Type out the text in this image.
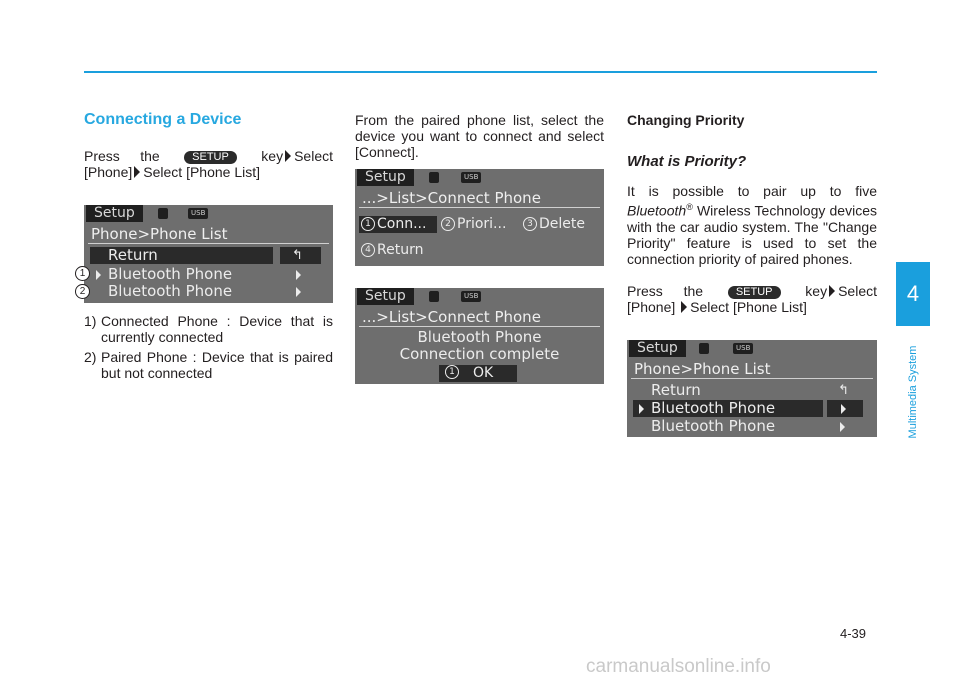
4
Multimedia System
Connecting a Device

Press the	SETUP key Select

[Phone] Select [Phone List]

Setup	USB
Phone>Phone List
Return	↰
Bluetooth Phone
Bluetooth Phone
1
2
1) Connected Phone : Device that is currently connected
2) Paired Phone : Device that is paired but not connected

From the paired phone list, select the device you want to connect and select [Connect].

Setup	USB
...>List>Connect Phone
1 Conn...	2 Priori...	3 Delete
4 Return
Setup	USB
...>List>Connect Phone
Bluetooth Phone
Connection complete
1 OK
Changing Priority
What is Priority?

It is possible to pair up to five Bluetooth® Wireless Technology devices with the car audio system. The "Change Priority" feature is used to set the connection priority of paired phones.

Press the	SETUP key Select

[Phone] Select [Phone List]

Setup	USB
Phone>Phone List
Return	↰
Bluetooth Phone
Bluetooth Phone
4-39
carmanualsonline.info
